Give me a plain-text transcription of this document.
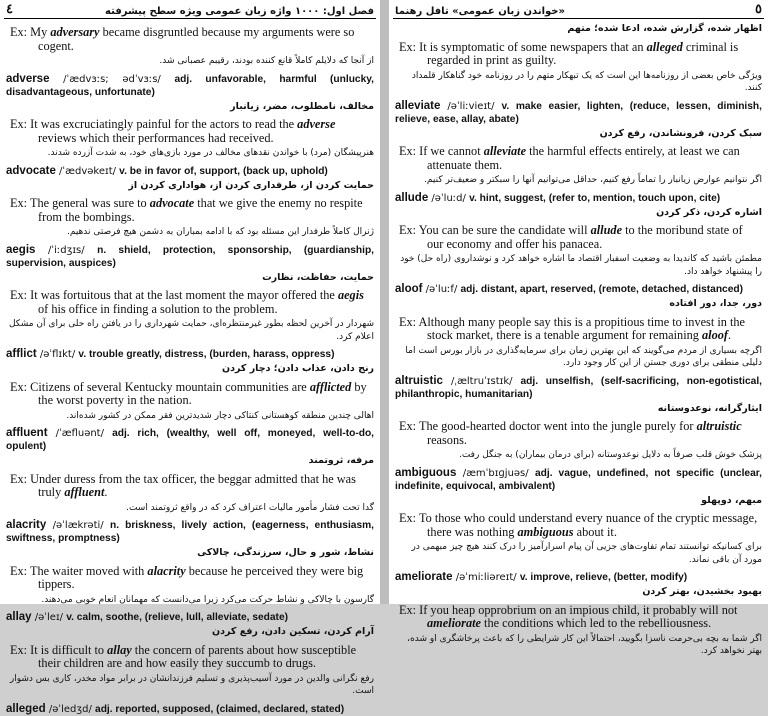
٤	فصل اول: ۱۰۰۰ واژه زبان عمومی ویژه سطح پیشرفته
Ex: My adversary became disgruntled because my arguments were so cogent.
از آنجا که دلایلم کاملاً قانع کننده بودند، رقیبم عصبانی شد.
adverse /ˈædvɜːs; ədˈvɜːs/ adj. unfavorable, harmful (unlucky, disadvantageous, unfortunate)
مخالف، نامطلوب، مضر، زیانبار
Ex: It was excruciatingly painful for the actors to read the adverse reviews which their performances had received.
هنرپیشگان (مرد) با خواندن نقدهای مخالف در مورد بازی‌های خود، به شدت آزرده شدند.
advocate /ˈædvəkeɪt/ v. be in favor of, support, (back up, uphold)
حمایت کردن از، طرفداری کردن از، هواداری کردن از
Ex: The general was sure to advocate that we give the enemy no respite from the bombings.
ژنرال کاملاً طرفدار این مسئله بود که با ادامه بمباران به دشمن هیچ فرصتی ندهیم.
aegis /ˈiːdʒɪs/ n. shield, protection, sponsorship, (guardianship, supervision, auspices)
حمایت، حفاظت، نظارت
Ex: It was fortuitous that at the last moment the mayor offered the aegis of his office in finding a solution to the problem.
شهردار در آخرین لحظه بطور غیرمنتظره‌ای، حمایت شهرداری را در یافتن راه حلی برای آن مشکل اعلام کرد.
afflict /əˈflɪkt/ v. trouble greatly, distress, (burden, harass, oppress)
رنج دادن، عذاب دادن؛ دچار کردن
Ex: Citizens of several Kentucky mountain communities are afflicted by the worst poverty in the nation.
اهالی چندین منطقه کوهستانی کنتاکی دچار شدیدترین فقر ممکن در کشور شده‌اند.
affluent /ˈæfluənt/ adj. rich, (wealthy, well off, moneyed, well-to-do, opulent)
مرفه، ثروتمند
Ex: Under duress from the tax officer, the beggar admitted that he was truly affluent.
گدا تحت فشار مأمور مالیات اعتراف کرد که در واقع ثروتمند است.
alacrity /əˈlækrəti/ n. briskness, lively action, (eagerness, enthusiasm, swiftness, promptness)
نشاط، شور و حال، سرزندگی، چالاکی
Ex: The waiter moved with alacrity because he perceived they were big tippers.
گارسون با چالاکی و نشاط حرکت می‌کرد زیرا می‌دانست که مهمانان انعام خوبی می‌دهند.
allay /əˈleɪ/ v. calm, soothe, (relieve, lull, alleviate, sedate)
آرام کردن، تسکین دادن، رفع کردن
Ex: It is difficult to allay the concern of parents about how susceptible their children are and how easily they succumb to drugs.
رفع نگرانی والدین در مورد آسیب‌پذیری و تسلیم فرزندانشان در برابر مواد مخدر، کاری بس دشوار است.
alleged /əˈledʒd/ adj. reported, supposed, (claimed, declared, stated)
«خواندن زبان عمومی» تافل رهنما	٥
اظهار شده، گزارش شده، ادعا شده؛ متهم
Ex: It is symptomatic of some newspapers that an alleged criminal is regarded in print as guilty.
ویژگی خاص بعضی از روزنامه‌ها این است که یک تبهکار متهم را در روزنامه خود گناهکار قلمداد کنند.
alleviate /əˈliːvieɪt/ v. make easier, lighten, (reduce, lessen, diminish, relieve, ease, allay, abate)
سبک کردن، فرونشاندن، رفع کردن
Ex: If we cannot alleviate the harmful effects entirely, at least we can attenuate them.
اگر نتوانیم عوارض زیانبار را تماماً رفع کنیم، حداقل می‌توانیم آنها را سبکتر و ضعیف‌تر کنیم.
allude /əˈluːd/ v. hint, suggest, (refer to, mention, touch upon, cite)
اشاره کردن، ذکر کردن
Ex: You can be sure the candidate will allude to the moribund state of our economy and offer his panacea.
مطمئن باشید که کاندیدا به وضعیت اسفبار اقتصاد ما اشاره خواهد کرد و نوشداروی (راه حل) خود را پیشنهاد خواهد داد.
aloof /əˈluːf/ adj. distant, apart, reserved, (remote, detached, distanced)
دور، جدا، دور افتاده
Ex: Although many people say this is a propitious time to invest in the stock market, there is a tenable argument for remaining aloof.
اگرچه بسیاری از مردم می‌گویند که این بهترین زمان برای سرمایه‌گذاری در بازار بورس است اما دلیلی منطقی برای دوری جستن از این کار وجود دارد.
altruistic /ˌæltruˈɪstɪk/ adj. unselfish, (self-sacrificing, non-egotistical, philanthropic, humanitarian)
ایثارگرانه، نوعدوستانه
Ex: The good-hearted doctor went into the jungle purely for altruistic reasons.
پزشک خوش قلب صرفاً به دلایل نوعدوستانه (برای درمان بیماران) به جنگل رفت.
ambiguous /æmˈbɪɡjuəs/ adj. vague, undefined, not specific (unclear, indefinite, equivocal, ambivalent)
مبهم، دوپهلو
Ex: To those who could understand every nuance of the cryptic message, there was nothing ambiguous about it.
برای کسانیکه توانستند تمام تفاوت‌های جزیی آن پیام اسرارآمیز را درک کنند هیچ چیز مبهمی در مورد آن باقی نماند.
ameliorate /əˈmiːliəreɪt/ v. improve, relieve, (better, modify)
بهبود بخشیدن، بهتر کردن
Ex: If you heap opprobrium on an impious child, it probably will not ameliorate the conditions which led to the rebelliousness.
اگر شما به بچه بی‌حرمت ناسزا بگویید، احتمالاً این کار شرایطی را که باعث پرخاشگری او شده، بهتر نخواهد کرد.
